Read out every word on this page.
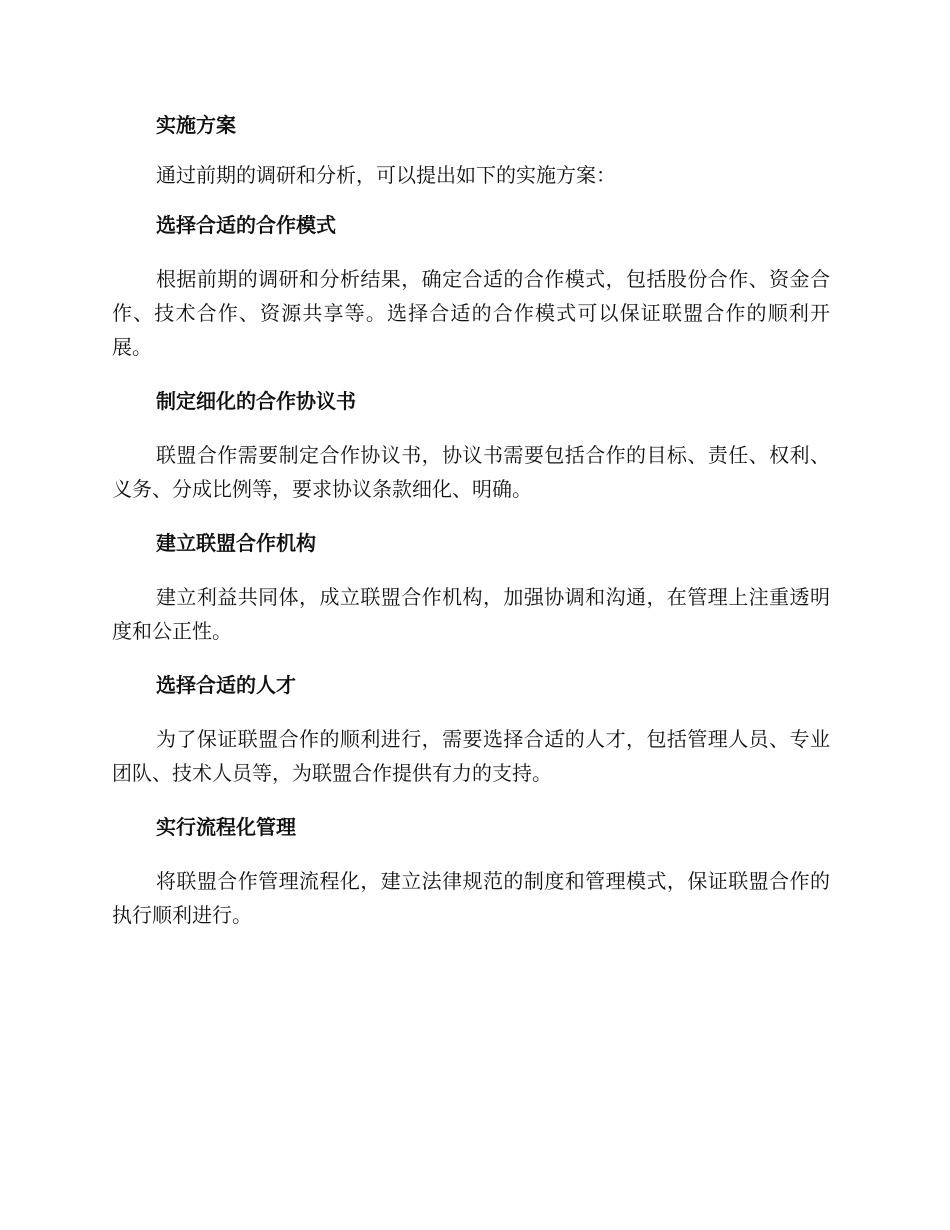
实施方案

通过前期的调研和分析，可以提出如下的实施方案：

选择合适的合作模式

根据前期的调研和分析结果，确定合适的合作模式，包括股份合作、资金合作、技术合作、资源共享等。选择合适的合作模式可以保证联盟合作的顺利开展。

制定细化的合作协议书

联盟合作需要制定合作协议书，协议书需要包括合作的目标、责任、权利、义务、分成比例等，要求协议条款细化、明确。

建立联盟合作机构

建立利益共同体，成立联盟合作机构，加强协调和沟通，在管理上注重透明度和公正性。

选择合适的人才

为了保证联盟合作的顺利进行，需要选择合适的人才，包括管理人员、专业团队、技术人员等，为联盟合作提供有力的支持。

实行流程化管理

将联盟合作管理流程化，建立法律规范的制度和管理模式，保证联盟合作的执行顺利进行。
